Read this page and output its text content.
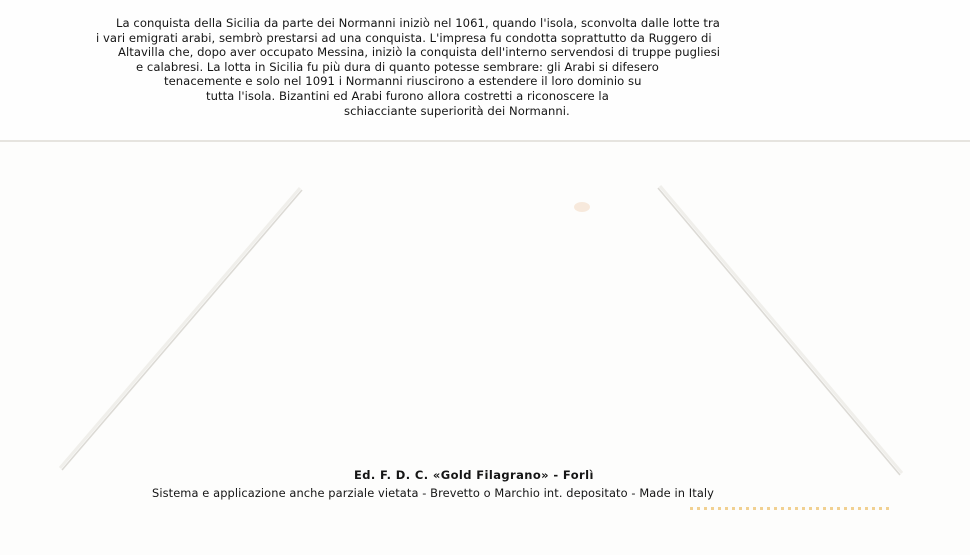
La conquista della Sicilia da parte dei Normanni iniziò nel 1061, quando l'isola, sconvolta dalle lotte tra
i vari emigrati arabi, sembrò prestarsi ad una conquista. L'impresa fu condotta soprattutto da Ruggero di
Altavilla che, dopo aver occupato Messina, iniziò la conquista dell'interno servendosi di truppe pugliesi
e calabresi. La lotta in Sicilia fu più dura di quanto potesse sembrare: gli Arabi si difesero
tenacemente e solo nel 1091 i Normanni riuscirono a estendere il loro dominio su
tutta l'isola. Bizantini ed Arabi furono allora costretti a riconoscere la
schiacciante superiorità dei Normanni.
Ed. F. D. C. «Gold Filagrano» - Forlì
Sistema e applicazione anche parziale vietata - Brevetto o Marchio int. depositato - Made in Italy
